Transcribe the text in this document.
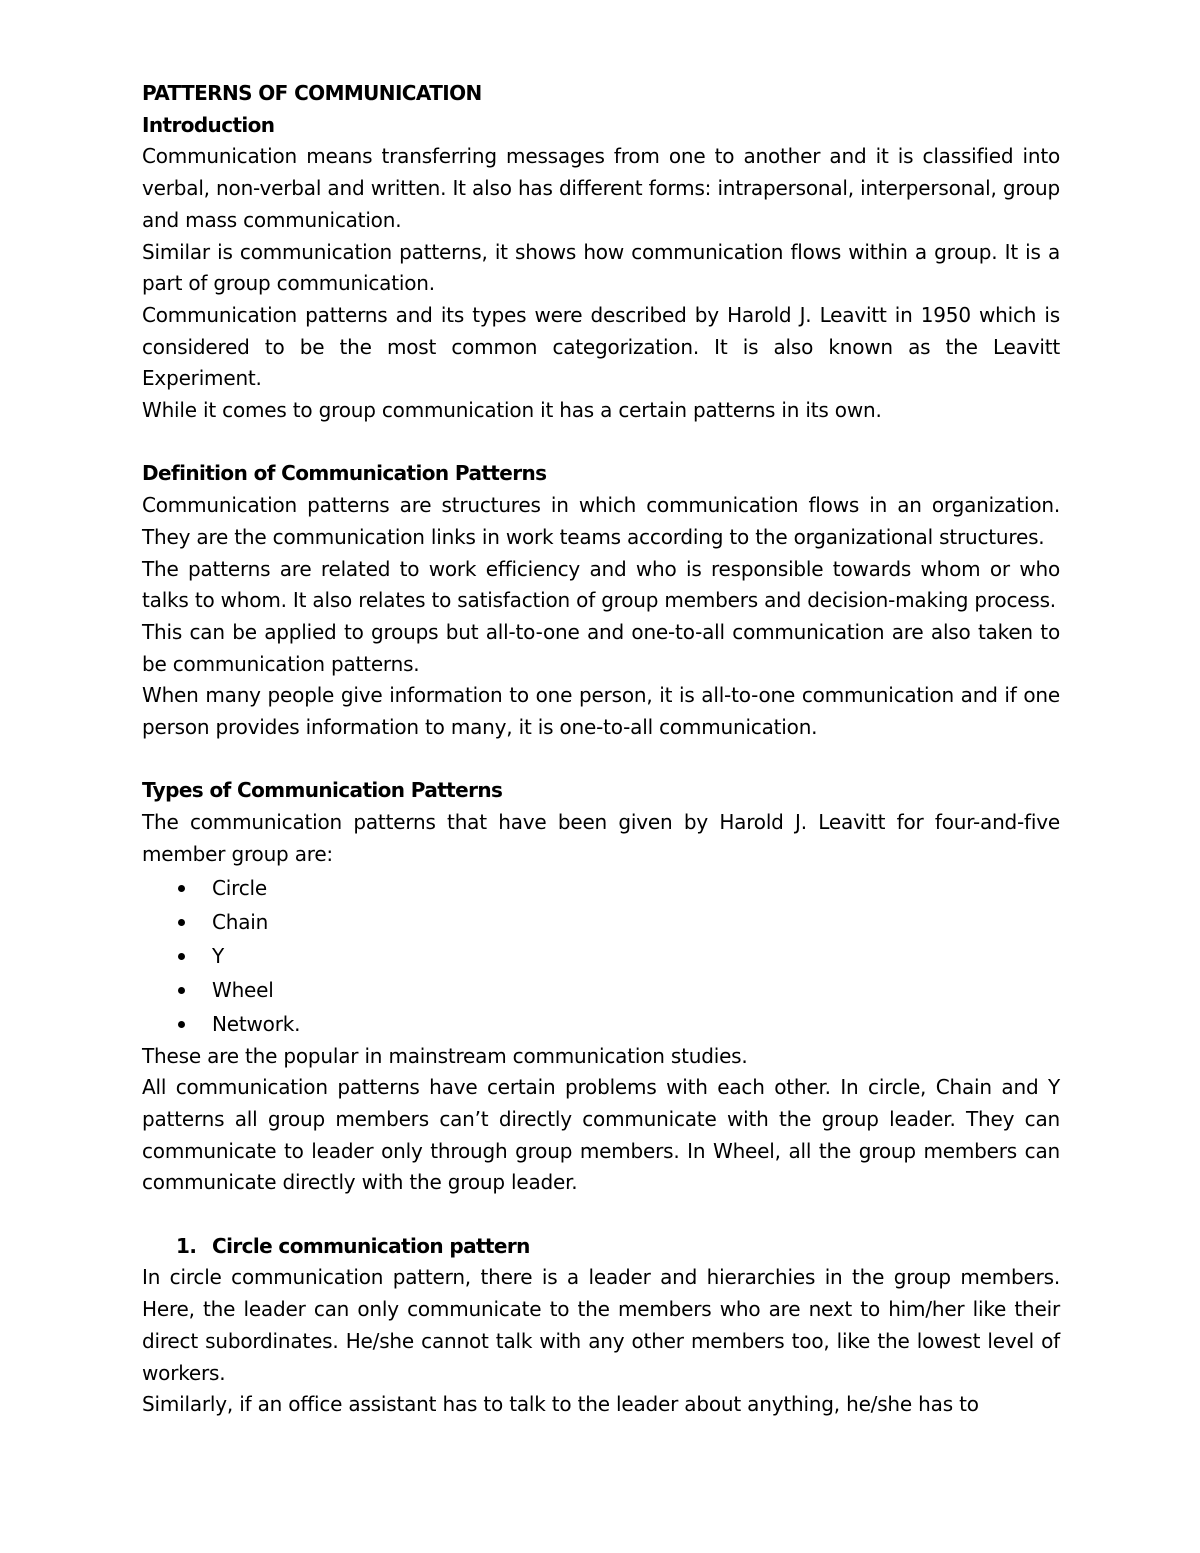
PATTERNS OF COMMUNICATION
Introduction

Communication means transferring messages from one to another and it is classified into verbal, non-verbal and written. It also has different forms: intrapersonal, interpersonal, group and mass communication.

Similar is communication patterns, it shows how communication flows within a group. It is a part of group communication.

Communication patterns and its types were described by Harold J. Leavitt in 1950 which is considered to be the most common categorization. It is also known as the Leavitt Experiment.

While it comes to group communication it has a certain patterns in its own.

Definition of Communication Patterns

Communication patterns are structures in which communication flows in an organization. They are the communication links in work teams according to the organizational structures.

The patterns are related to work efficiency and who is responsible towards whom or who talks to whom. It also relates to satisfaction of group members and decision-making process.

This can be applied to groups but all-to-one and one-to-all communication are also taken to be communication patterns.

When many people give information to one person, it is all-to-one communication and if one person provides information to many, it is one-to-all communication.

Types of Communication Patterns

The communication patterns that have been given by Harold J. Leavitt for four-and-five member group are:

Circle
Chain
Y
Wheel
Network.

These are the popular in mainstream communication studies.

All communication patterns have certain problems with each other. In circle, Chain and Y patterns all group members can’t directly communicate with the group leader. They can communicate to leader only through group members. In Wheel, all the group members can communicate directly with the group leader.

1. Circle communication pattern

In circle communication pattern, there is a leader and hierarchies in the group members. Here, the leader can only communicate to the members who are next to him/her like their direct subordinates. He/she cannot talk with any other members too, like the lowest level of workers.

Similarly, if an office assistant has to talk to the leader about anything, he/she has to
